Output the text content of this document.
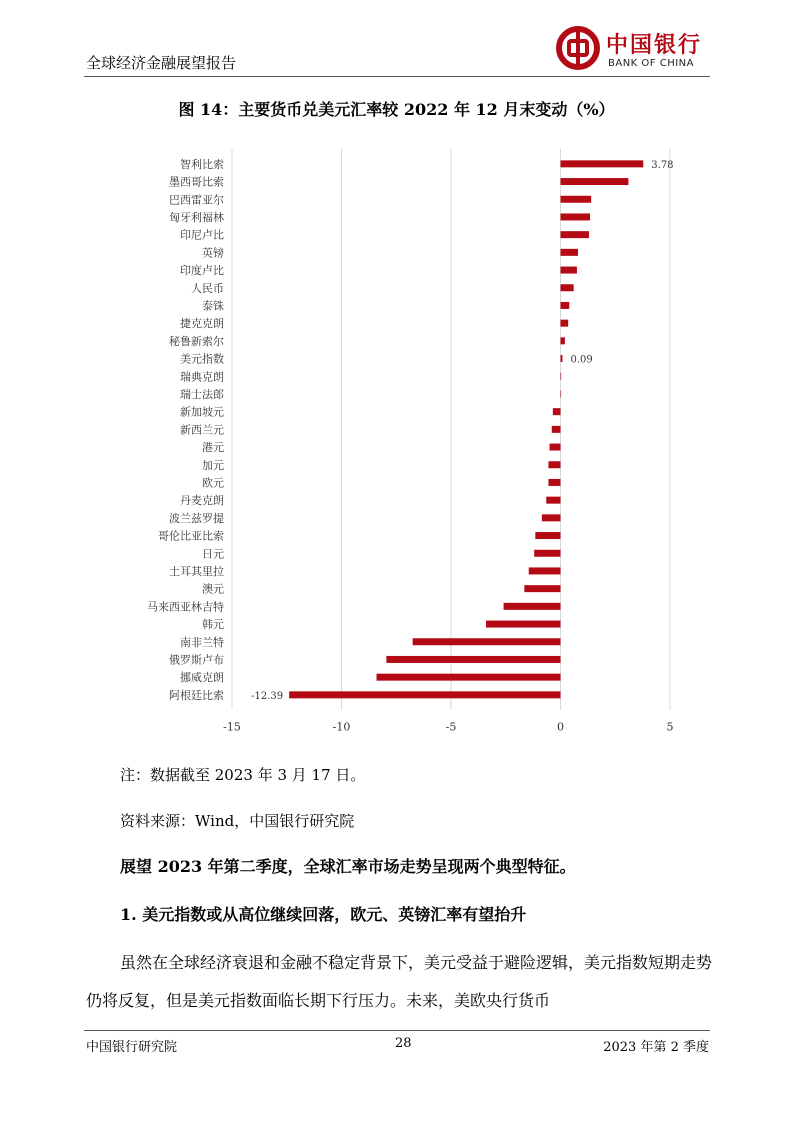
全球经济金融展望报告
中国银行
BANK OF CHINA
图 14：主要货币兑美元汇率较 2022 年 12 月末变动（%）
-15	-10	-5	0	5
智利比索	3.78
墨西哥比索
巴西雷亚尔
匈牙利福林
印尼卢比
英镑
印度卢比
人民币
泰铢
捷克克朗
秘鲁新索尔
美元指数	0.09
瑞典克朗
瑞士法郎
新加坡元
新西兰元
港元
加元
欧元
丹麦克朗
波兰兹罗提
哥伦比亚比索
日元
土耳其里拉
澳元
马来西亚林吉特
韩元
南非兰特
俄罗斯卢布
挪威克朗
阿根廷比索	-12.39
注：数据截至 2023 年 3 月 17 日。
资料来源：Wind，中国银行研究院
展望 2023 年第二季度，全球汇率市场走势呈现两个典型特征。
1. 美元指数或从高位继续回落，欧元、英镑汇率有望抬升
虽然在全球经济衰退和金融不稳定背景下，美元受益于避险逻辑，美元指数短期走势仍将反复，但是美元指数面临长期下行压力。未来，美欧央行货币
中国银行研究院	28	2023 年第 2 季度
